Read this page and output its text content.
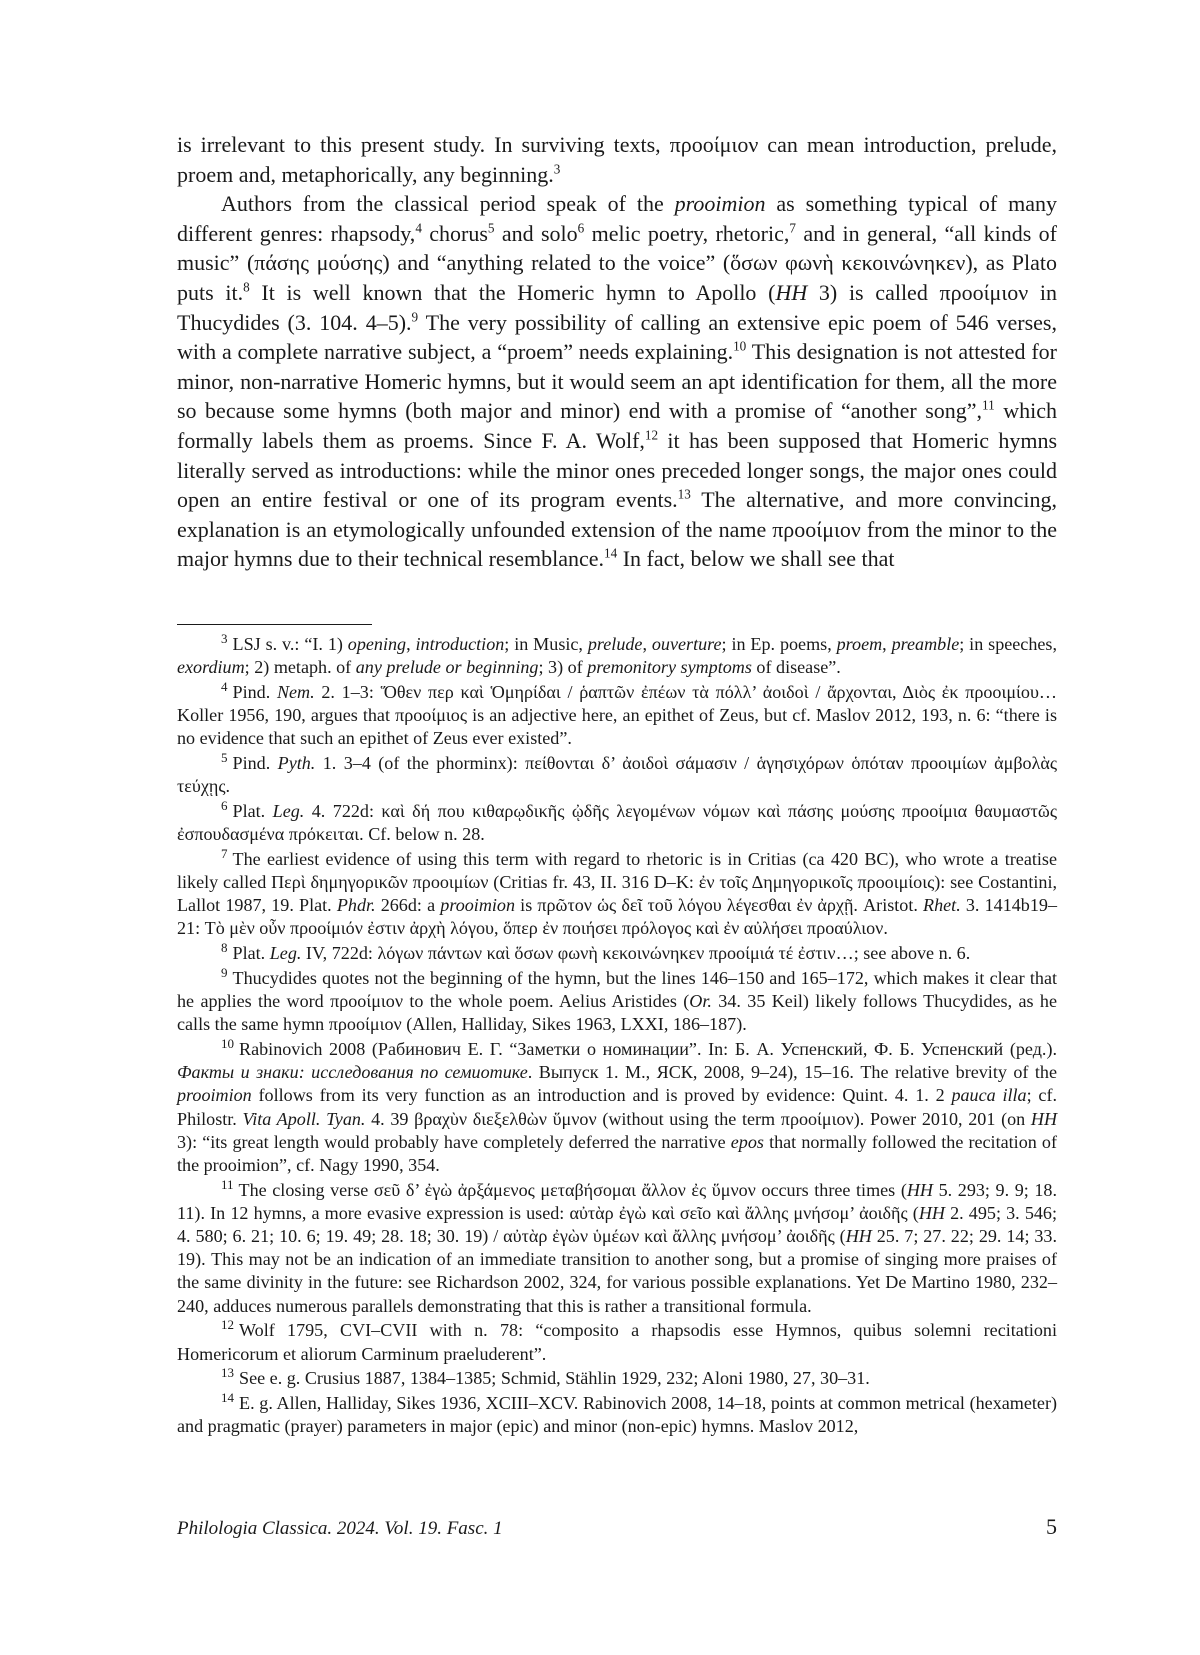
is irrelevant to this present study. In surviving texts, προοίμιον can mean introduction, prelude, proem and, metaphorically, any beginning.$^3$

Authors from the classical period speak of the prooimion as something typical of many different genres: rhapsody,$^4$ chorus$^5$ and solo$^6$ melic poetry, rhetoric,$^7$ and in general, “all kinds of music” (πάσης μούσης) and “anything related to the voice” (ὅσων φωνὴ κεκοινώνηκεν), as Plato puts it.$^8$ It is well known that the Homeric hymn to Apollo (HH 3) is called προοίμιον in Thucydides (3. 104. 4–5).$^9$ The very possibility of calling an extensive epic poem of 546 verses, with a complete narrative subject, a “proem” needs explaining.$^{10}$ This designation is not attested for minor, non-narrative Homeric hymns, but it would seem an apt identification for them, all the more so because some hymns (both major and minor) end with a promise of “another song”,$^{11}$ which formally labels them as proems. Since F. A. Wolf,$^{12}$ it has been supposed that Homeric hymns literally served as introductions: while the minor ones preceded longer songs, the major ones could open an entire festival or one of its program events.$^{13}$ The alternative, and more convincing, explanation is an etymologically unfounded extension of the name προοίμιον from the minor to the major hymns due to their technical resemblance.$^{14}$ In fact, below we shall see that

$^3$ LSJ s. v.: “I. 1) opening, introduction; in Music, prelude, ouverture; in Ep. poems, proem, preamble; in speeches, exordium; 2) metaph. of any prelude or beginning; 3) of premonitory symptoms of disease”.

$^4$ Pind. Nem. 2. 1–3: Ὅθεν περ καὶ Ὁμηρίδαι / ῥαπτῶν ἐπέων τὰ πόλλ’ ἀοιδοὶ / ἄρχονται, Διὸς ἐκ προοιμίου… Koller 1956, 190, argues that προοίμιος is an adjective here, an epithet of Zeus, but cf. Maslov 2012, 193, n. 6: “there is no evidence that such an epithet of Zeus ever existed”.

$^5$ Pind. Pyth. 1. 3–4 (of the phorminx): πείθονται δ’ ἀοιδοὶ σάμασιν / ἁγησιχόρων ὁπόταν προοιμίων ἀμβολὰς τεύχῃς.

$^6$ Plat. Leg. 4. 722d: καὶ δή που κιθαρῳδικῆς ᾠδῆς λεγομένων νόμων καὶ πάσης μούσης προοίμια θαυμαστῶς ἐσπουδασμένα πρόκειται. Cf. below n. 28.

$^7$ The earliest evidence of using this term with regard to rhetoric is in Critias (ca 420 BC), who wrote a treatise likely called Περὶ δημηγορικῶν προοιμίων (Critias fr. 43, II. 316 D–K: ἐν τοῖς Δημηγορικοῖς προοιμίοις): see Costantini, Lallot 1987, 19. Plat. Phdr. 266d: a prooimion is πρῶτον ὡς δεῖ τοῦ λόγου λέγεσθαι ἐν ἀρχῇ. Aristot. Rhet. 3. 1414b19–21: Τὸ μὲν οὖν προοίμιόν ἐστιν ἀρχὴ λόγου, ὅπερ ἐν ποιήσει πρόλογος καὶ ἐν αὐλήσει προαύλιον.

$^8$ Plat. Leg. IV, 722d: λόγων πάντων καὶ ὅσων φωνὴ κεκοινώνηκεν προοίμιά τέ ἐστιν…; see above n. 6.

$^9$ Thucydides quotes not the beginning of the hymn, but the lines 146–150 and 165–172, which makes it clear that he applies the word προοίμιον to the whole poem. Aelius Aristides (Or. 34. 35 Keil) likely follows Thucydides, as he calls the same hymn προοίμιον (Allen, Halliday, Sikes 1963, LXXI, 186–187).

$^{10}$ Rabinovich 2008 (Рабинович Е. Г. “Заметки о номинации”. In: Б. А. Успенский, Ф. Б. Успенский (ред.). Факты и знаки: исследования по семиотике. Выпуск 1. М., ЯСК, 2008, 9–24), 15–16. The relative brevity of the prooimion follows from its very function as an introduction and is proved by evidence: Quint. 4. 1. 2 pauca illa; cf. Philostr. Vita Apoll. Tyan. 4. 39 βραχὺν διεξελθὼν ὕμνον (without using the term προοίμιον). Power 2010, 201 (on HH 3): “its great length would probably have completely deferred the narrative epos that normally followed the recitation of the prooimion”, cf. Nagy 1990, 354.

$^{11}$ The closing verse σεῦ δ’ ἐγὼ ἀρξάμενος μεταβήσομαι ἄλλον ἐς ὕμνον occurs three times (HH 5. 293; 9. 9; 18. 11). In 12 hymns, a more evasive expression is used: αὐτὰρ ἐγὼ καὶ σεῖο καὶ ἄλλης μνήσομ’ ἀοιδῆς (HH 2. 495; 3. 546; 4. 580; 6. 21; 10. 6; 19. 49; 28. 18; 30. 19) / αὐτὰρ ἐγὼν ὑμέων καὶ ἄλλης μνήσομ’ ἀοιδῆς (HH 25. 7; 27. 22; 29. 14; 33. 19). This may not be an indication of an immediate transition to another song, but a promise of singing more praises of the same divinity in the future: see Richardson 2002, 324, for various possible explanations. Yet De Martino 1980, 232–240, adduces numerous parallels demonstrating that this is rather a transitional formula.

$^{12}$ Wolf 1795, CVI–CVII with n. 78: “composito a rhapsodis esse Hymnos, quibus solemni recitationi Homericorum et aliorum Carminum praeluderent”.

$^{13}$ See e. g. Crusius 1887, 1384–1385; Schmid, Stählin 1929, 232; Aloni 1980, 27, 30–31.

$^{14}$ E. g. Allen, Halliday, Sikes 1936, XCIII–XCV. Rabinovich 2008, 14–18, points at common metrical (hexameter) and pragmatic (prayer) parameters in major (epic) and minor (non-epic) hymns. Maslov 2012,

Philologia Classica. 2024. Vol. 19. Fasc. 1	5
